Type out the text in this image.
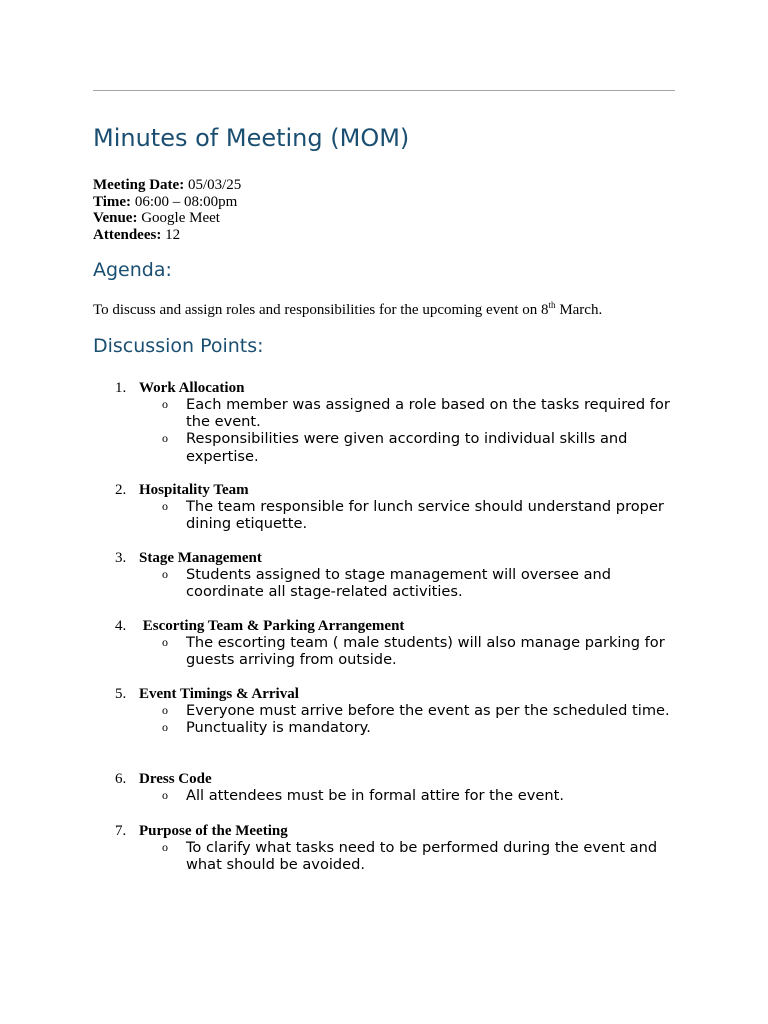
Minutes of Meeting (MOM)
Meeting Date: 05/03/25
Time: 06:00 – 08:00pm
Venue: Google Meet
Attendees: 12
Agenda:
To discuss and assign roles and responsibilities for the upcoming event on 8th March.
Discussion Points:
1. Work Allocation
o Each member was assigned a role based on the tasks required for the event.
o Responsibilities were given according to individual skills and expertise.
2. Hospitality Team
o The team responsible for lunch service should understand proper dining etiquette.
3. Stage Management
o Students assigned to stage management will oversee and coordinate all stage-related activities.
4. Escorting Team & Parking Arrangement
o The escorting team ( male students) will also manage parking for guests arriving from outside.
5. Event Timings & Arrival
o Everyone must arrive before the event as per the scheduled time.
o Punctuality is mandatory.
6. Dress Code
o All attendees must be in formal attire for the event.
7. Purpose of the Meeting
o To clarify what tasks need to be performed during the event and what should be avoided.
